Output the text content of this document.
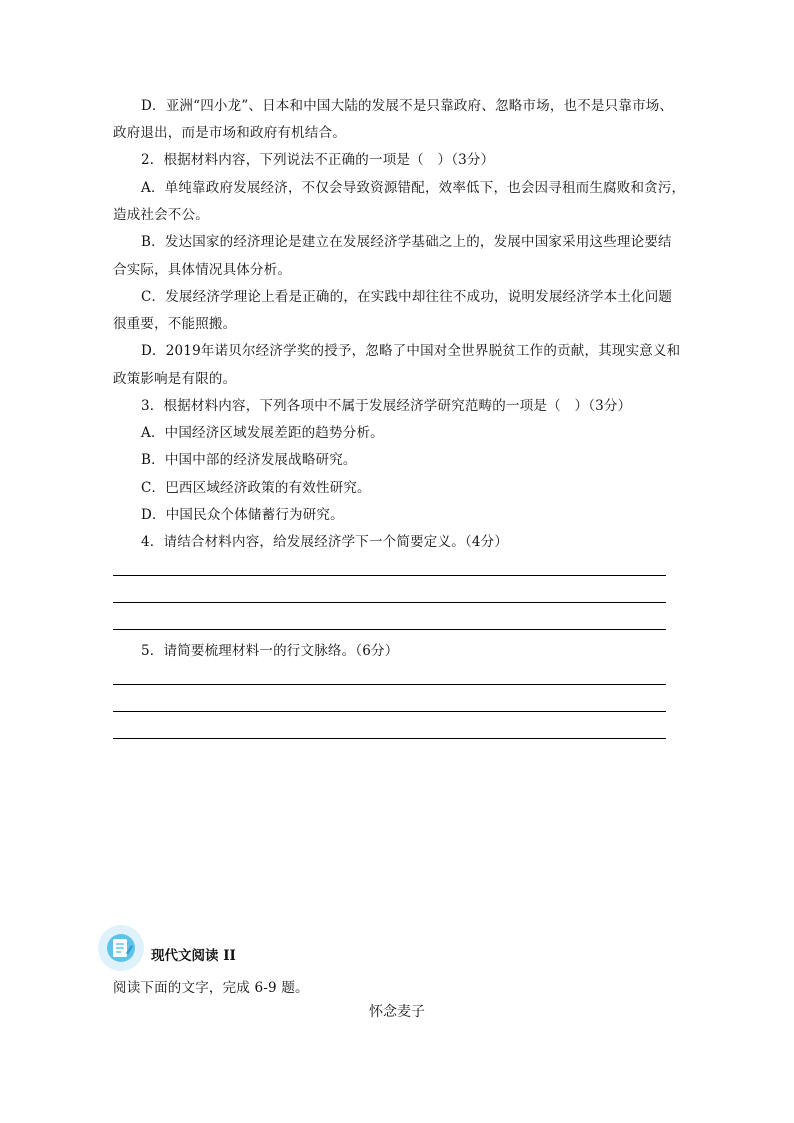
D．亚洲“四小龙”、日本和中国大陆的发展不是只靠政府、忽略市场，也不是只靠市场、
政府退出，而是市场和政府有机结合。
2．根据材料内容，下列说法不正确的一项是（　）（3分）
A．单纯靠政府发展经济，不仅会导致资源错配，效率低下，也会因寻租而生腐败和贪污，
造成社会不公。
B．发达国家的经济理论是建立在发展经济学基础之上的，发展中国家采用这些理论要结
合实际，具体情况具体分析。
C．发展经济学理论上看是正确的，在实践中却往往不成功，说明发展经济学本土化问题
很重要，不能照搬。
D．2019年诺贝尔经济学奖的授予，忽略了中国对全世界脱贫工作的贡献，其现实意义和
政策影响是有限的。
3．根据材料内容，下列各项中不属于发展经济学研究范畴的一项是（　）（3分）
A．中国经济区域发展差距的趋势分析。
B．中国中部的经济发展战略研究。
C．巴西区域经济政策的有效性研究。
D．中国民众个体储蓄行为研究。
4．请结合材料内容，给发展经济学下一个简要定义。（4分）
5．请简要梳理材料一的行文脉络。（6分）
现代文阅读 II
阅读下面的文字，完成 6-9 题。
怀念麦子
